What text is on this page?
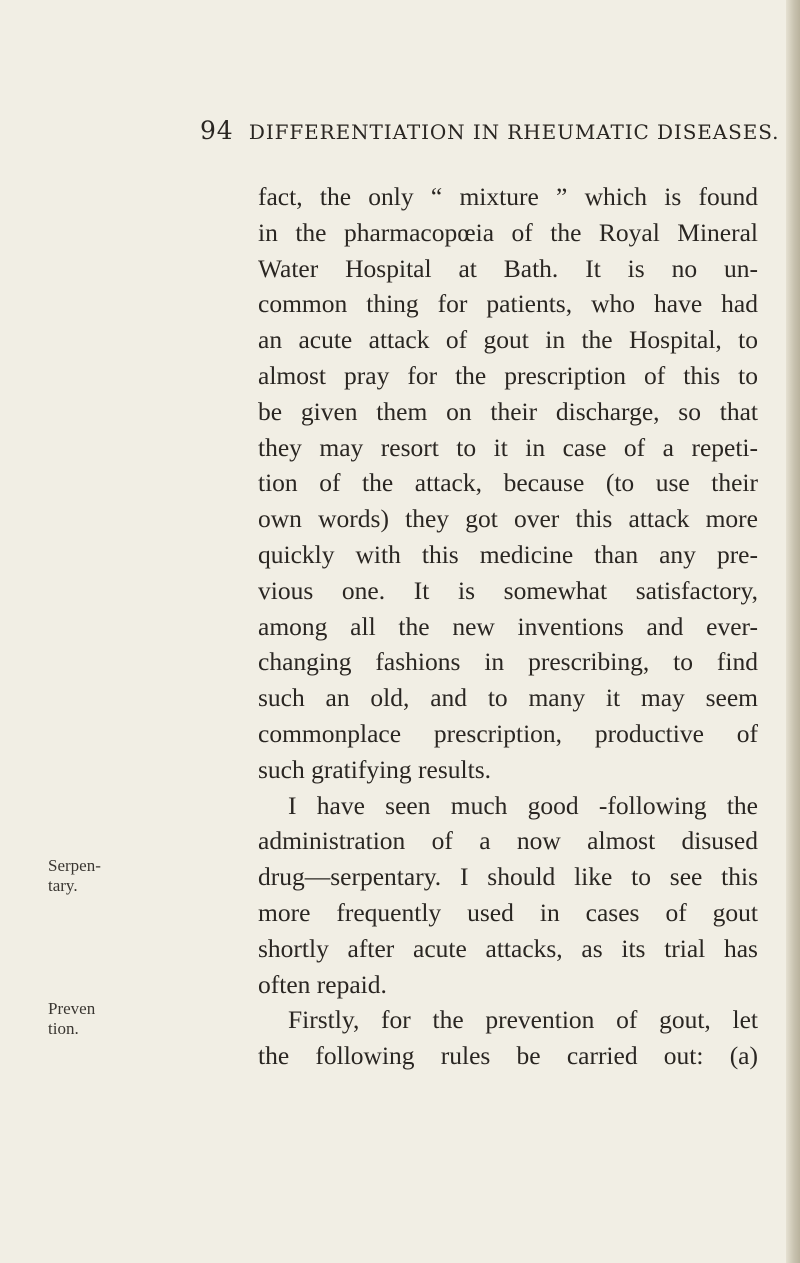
94 DIFFERENTIATION IN RHEUMATIC DISEASES.
fact, the only “ mixture ” which is found
in the pharmacopœia of the Royal Mineral
Water Hospital at Bath. It is no un-
common thing for patients, who have had
an acute attack of gout in the Hospital, to
almost pray for the prescription of this to
be given them on their discharge, so that
they may resort to it in case of a repeti-
tion of the attack, because (to use their
own words) they got over this attack more
quickly with this medicine than any pre-
vious one. It is somewhat satisfactory,
among all the new inventions and ever-
changing fashions in prescribing, to find
such an old, and to many it may seem
commonplace prescription, productive of
such gratifying results.
I have seen much good -following the
administration of a now almost disused
drug—serpentary. I should like to see this
more frequently used in cases of gout
shortly after acute attacks, as its trial has
often repaid.
Firstly, for the prevention of gout, let
the following rules be carried out: (a)
Serpen-
tary.
Preven
tion.
